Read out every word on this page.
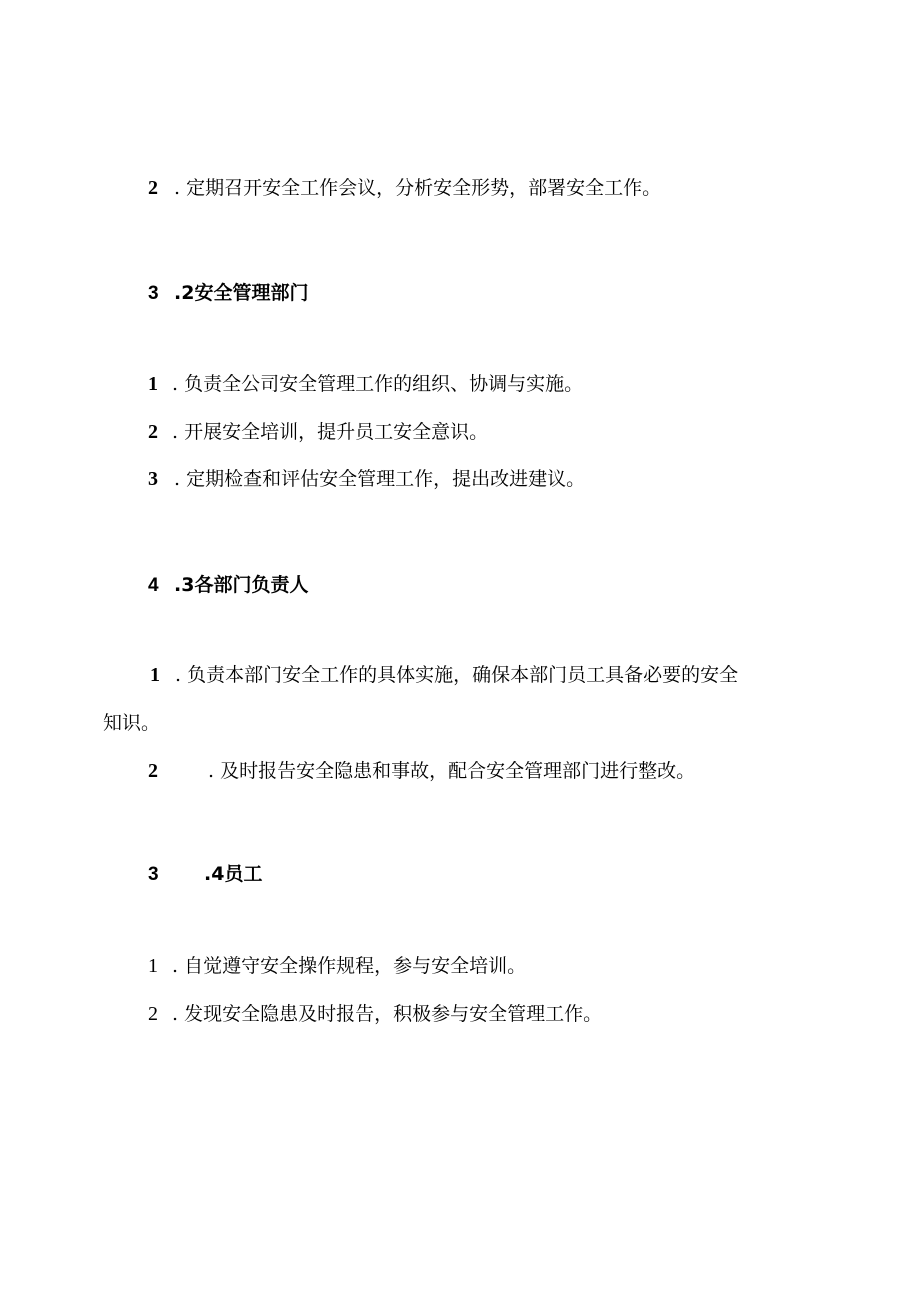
2 . 定期召开安全工作会议，分析安全形势，部署安全工作。
3 .2安全管理部门
1 . 负责全公司安全管理工作的组织、协调与实施。
2 . 开展安全培训，提升员工安全意识。
3 . 定期检查和评估安全管理工作，提出改进建议。
4 .3各部门负责人
1 . 负责本部门安全工作的具体实施，确保本部门员工具备必要的安全
知识。
2	. 及时报告安全隐患和事故，配合安全管理部门进行整改。
3 .4员工
1 . 自觉遵守安全操作规程，参与安全培训。
2 . 发现安全隐患及时报告，积极参与安全管理工作。
